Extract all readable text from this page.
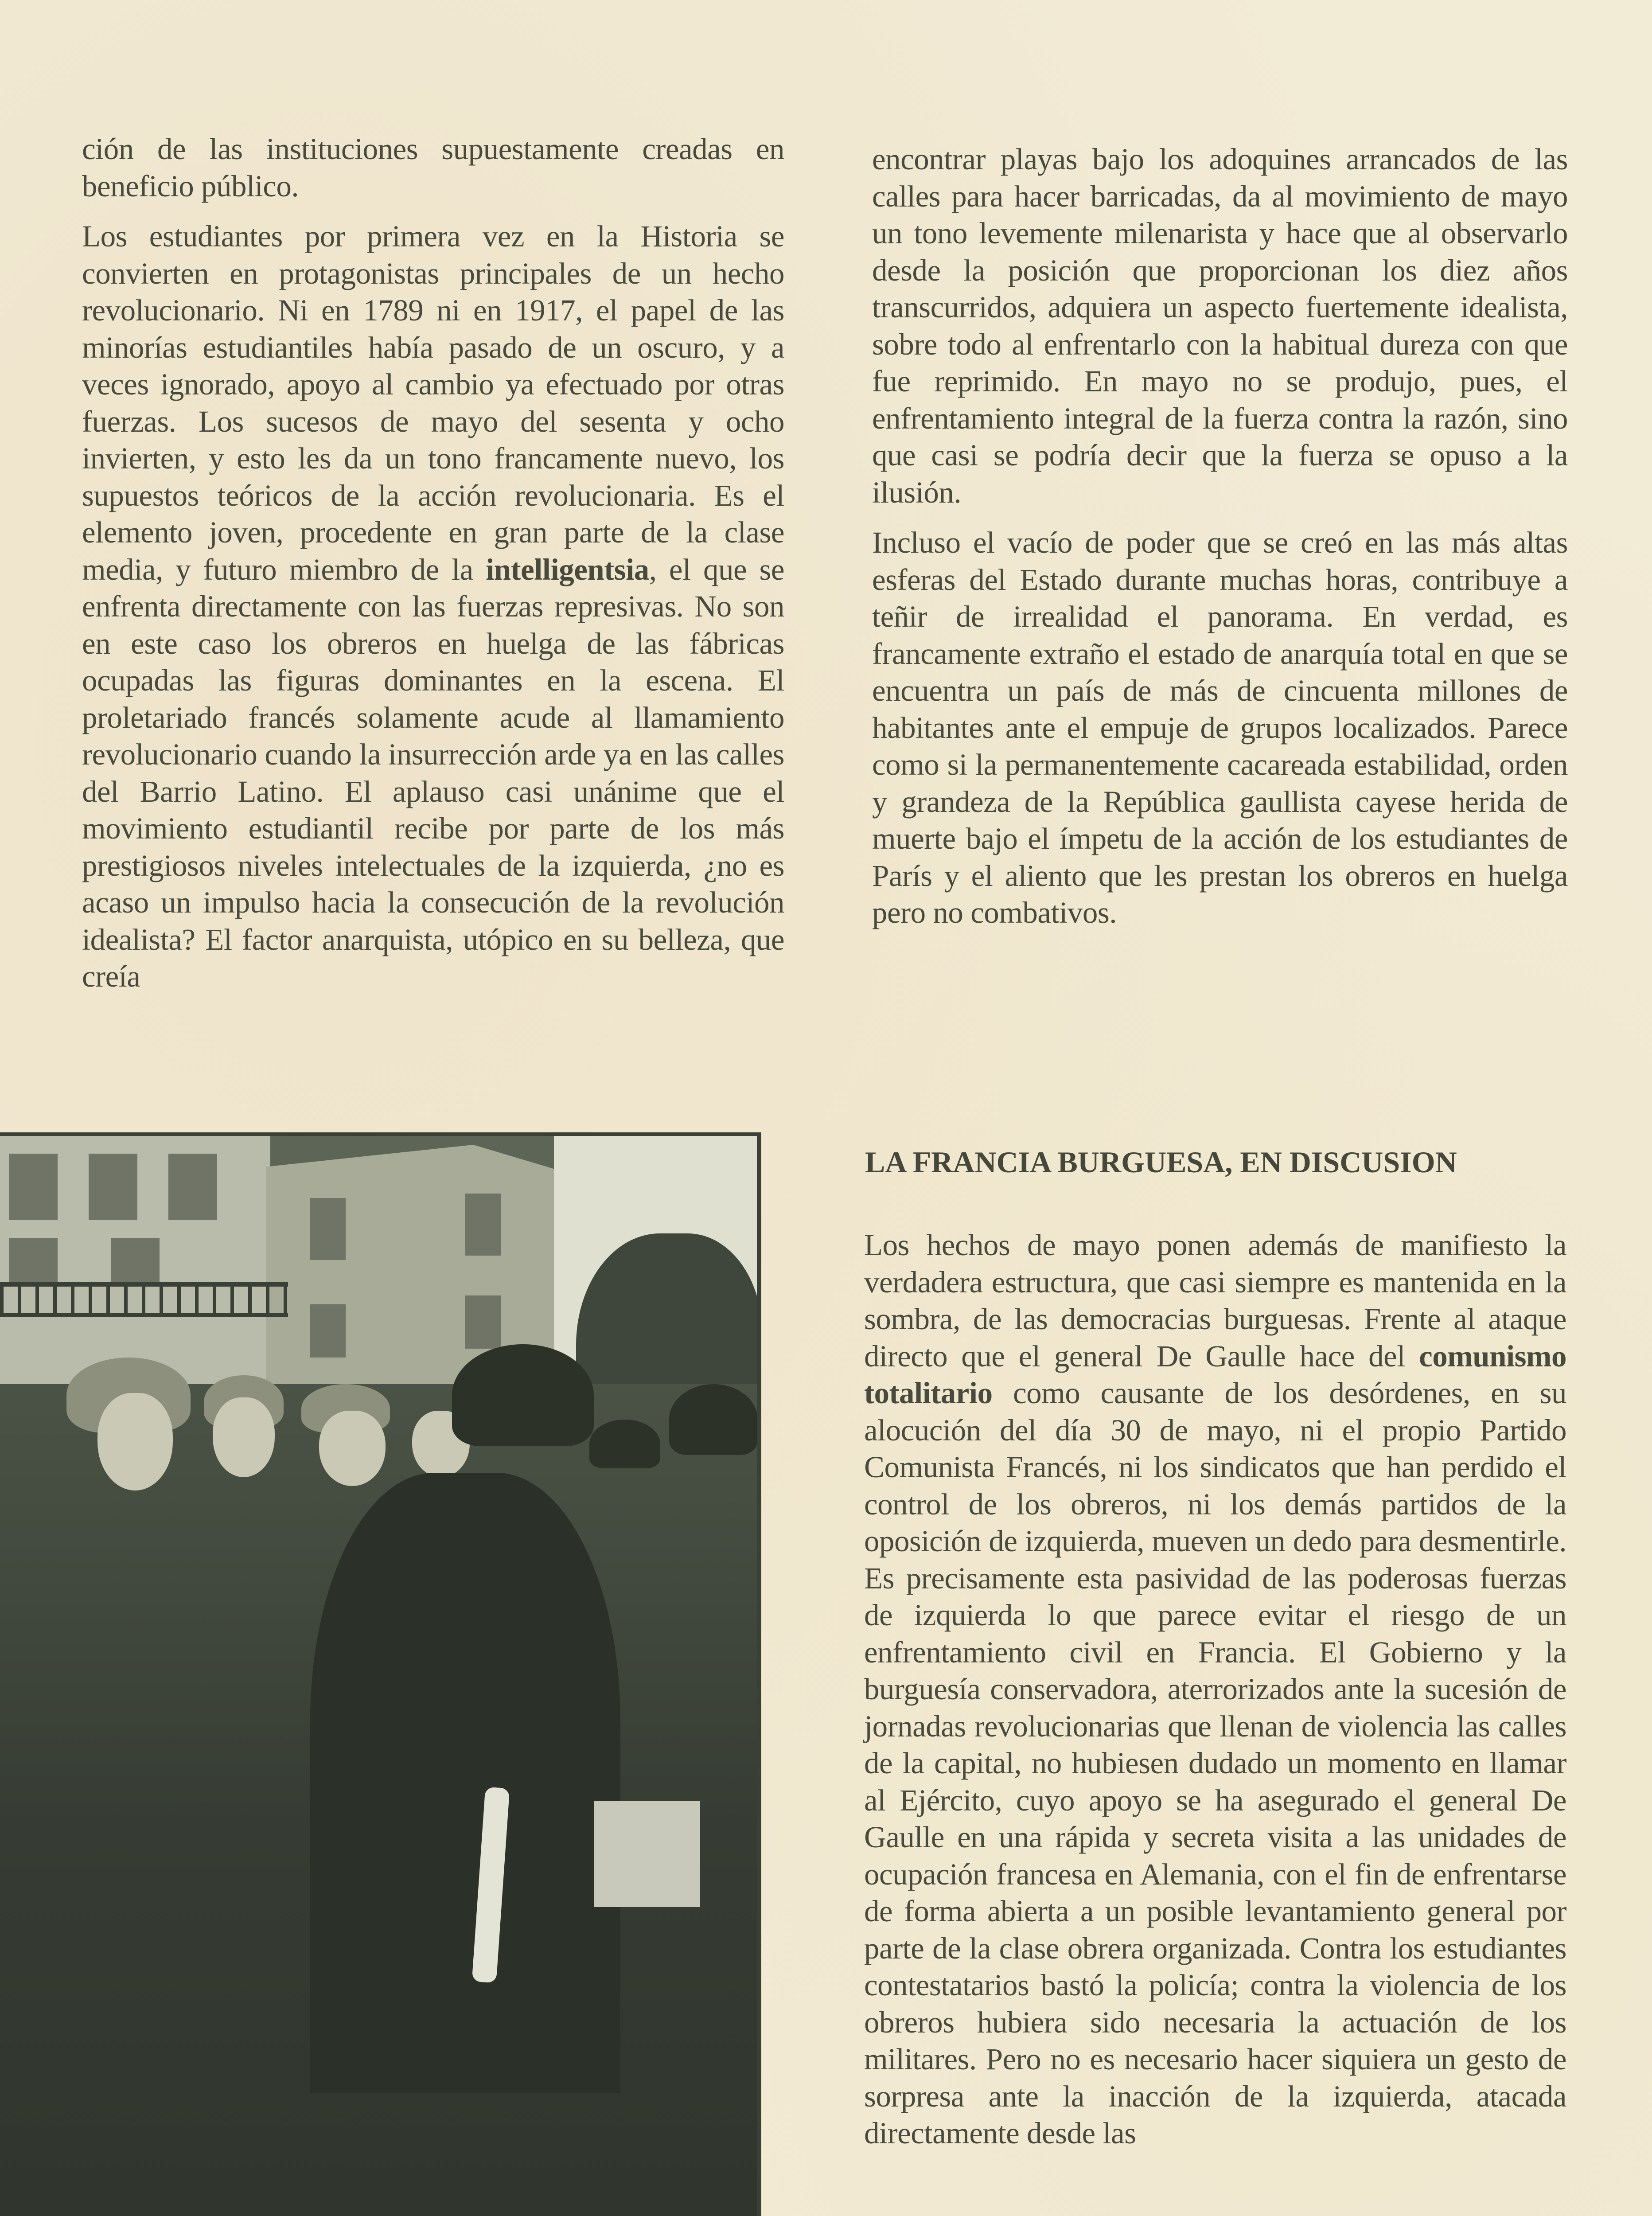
ción de las instituciones supuestamente creadas en beneficio público.

Los estudiantes por primera vez en la Historia se convierten en protagonistas principales de un hecho revolucionario. Ni en 1789 ni en 1917, el papel de las minorías estudiantiles había pasado de un oscuro, y a veces ignorado, apoyo al cambio ya efectuado por otras fuerzas. Los sucesos de mayo del sesenta y ocho invierten, y esto les da un tono francamente nuevo, los supuestos teóricos de la acción revolucionaria. Es el elemento joven, procedente en gran parte de la clase media, y futuro miembro de la intelligentsia, el que se enfrenta directamente con las fuerzas represivas. No son en este caso los obreros en huelga de las fábricas ocupadas las figuras dominantes en la escena. El proletariado francés solamente acude al llamamiento revolucionario cuando la insurrección arde ya en las calles del Barrio Latino. El aplauso casi unánime que el movimiento estudiantil recibe por parte de los más prestigiosos niveles intelectuales de la izquierda, ¿no es acaso un impulso hacia la consecución de la revolución idealista? El factor anarquista, utópico en su belleza, que creía

encontrar playas bajo los adoquines arrancados de las calles para hacer barricadas, da al movimiento de mayo un tono levemente milenarista y hace que al observarlo desde la posición que proporcionan los diez años transcurridos, adquiera un aspecto fuertemente idealista, sobre todo al enfrentarlo con la habitual dureza con que fue reprimido. En mayo no se produjo, pues, el enfrentamiento integral de la fuerza contra la razón, sino que casi se podría decir que la fuerza se opuso a la ilusión.

Incluso el vacío de poder que se creó en las más altas esferas del Estado durante muchas horas, contribuye a teñir de irrealidad el panorama. En verdad, es francamente extraño el estado de anarquía total en que se encuentra un país de más de cincuenta millones de habitantes ante el empuje de grupos localizados. Parece como si la permanentemente cacareada estabilidad, orden y grandeza de la República gaullista cayese herida de muerte bajo el ímpetu de la acción de los estudiantes de París y el aliento que les prestan los obreros en huelga pero no combativos.

LA FRANCIA BURGUESA, EN DISCUSION

Los hechos de mayo ponen además de manifiesto la verdadera estructura, que casi siempre es mantenida en la sombra, de las democracias burguesas. Frente al ataque directo que el general De Gaulle hace del comunismo totalitario como causante de los desórdenes, en su alocución del día 30 de mayo, ni el propio Partido Comunista Francés, ni los sindicatos que han perdido el control de los obreros, ni los demás partidos de la oposición de izquierda, mueven un dedo para desmentirle. Es precisamente esta pasividad de las poderosas fuerzas de izquierda lo que parece evitar el riesgo de un enfrentamiento civil en Francia. El Gobierno y la burguesía conservadora, aterrorizados ante la sucesión de jornadas revolucionarias que llenan de violencia las calles de la capital, no hubiesen dudado un momento en llamar al Ejército, cuyo apoyo se ha asegurado el general De Gaulle en una rápida y secreta visita a las unidades de ocupación francesa en Alemania, con el fin de enfrentarse de forma abierta a un posible levantamiento general por parte de la clase obrera organizada. Contra los estudiantes contestatarios bastó la policía; contra la violencia de los obreros hubiera sido necesaria la actuación de los militares. Pero no es necesario hacer siquiera un gesto de sorpresa ante la inacción de la izquierda, atacada directamente desde las
